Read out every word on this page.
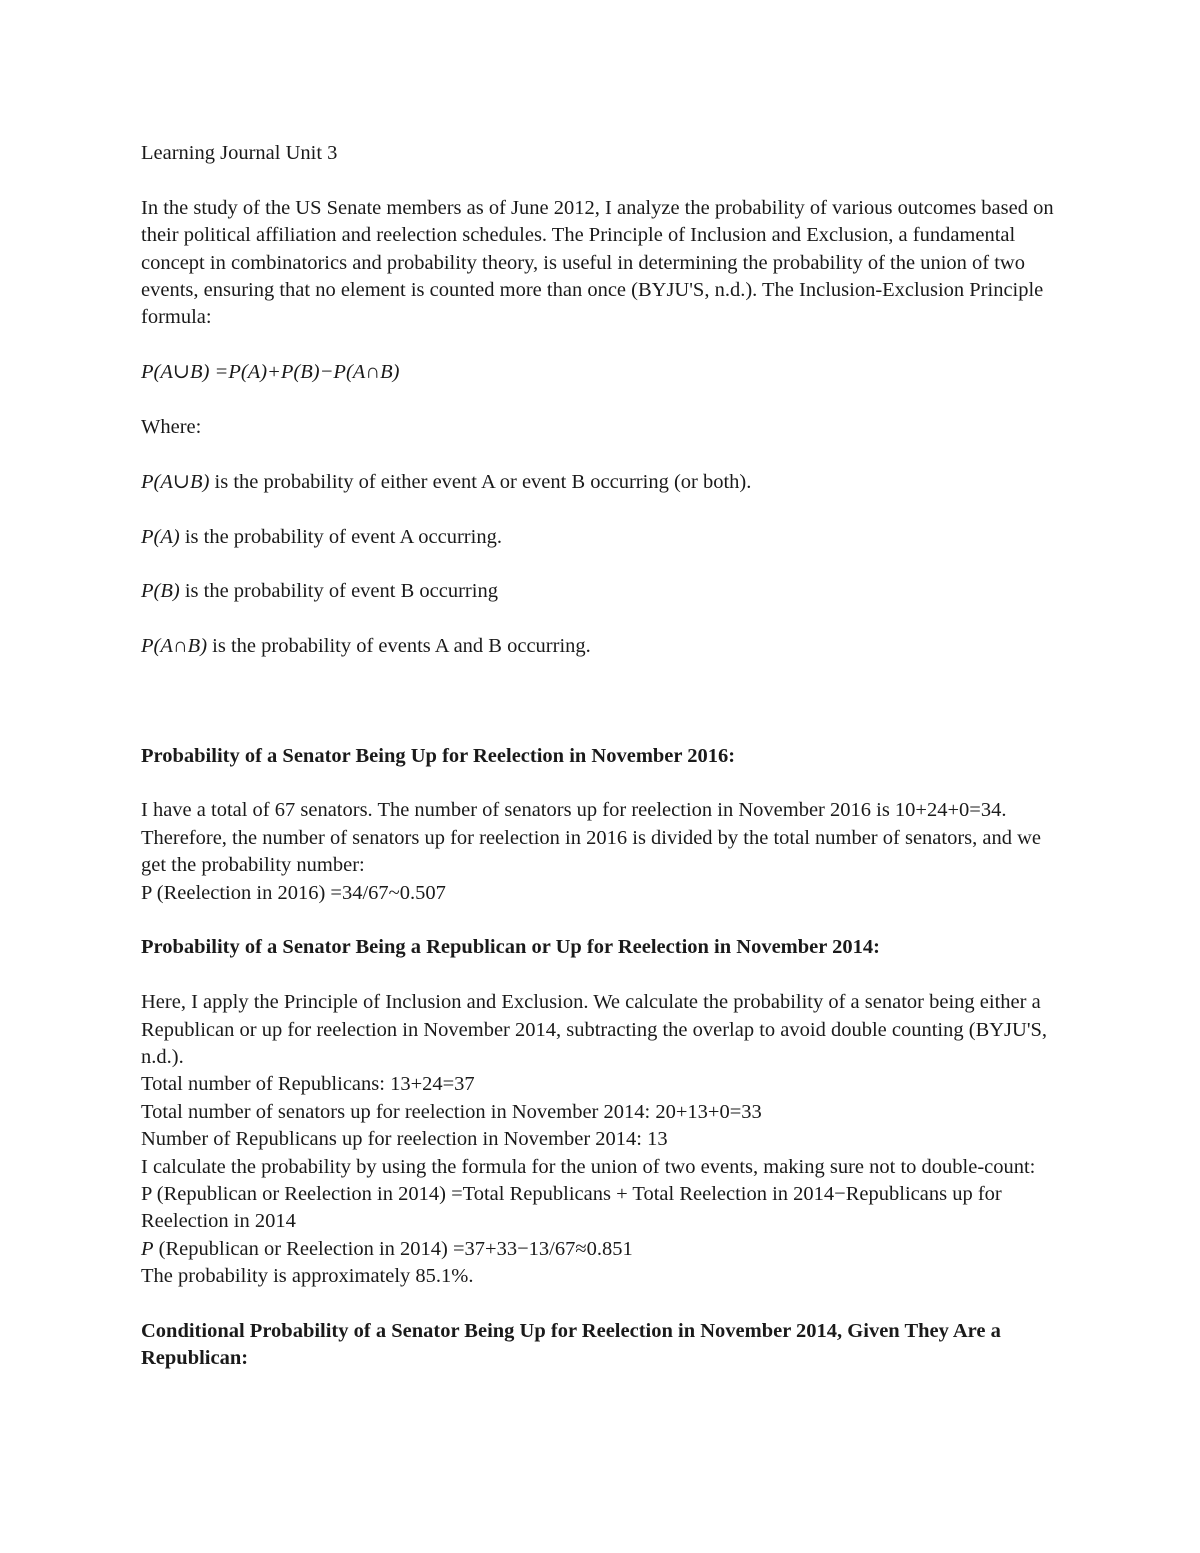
Learning Journal Unit 3

In the study of the US Senate members as of June 2012, I analyze the probability of various outcomes based on their political affiliation and reelection schedules. The Principle of Inclusion and Exclusion, a fundamental concept in combinatorics and probability theory, is useful in determining the probability of the union of two events, ensuring that no element is counted more than once (BYJU'S, n.d.). The Inclusion-Exclusion Principle formula:

P(A∪B) =P(A)+P(B)−P(A∩B)

Where:

P(A∪B) is the probability of either event A or event B occurring (or both).

P(A) is the probability of event A occurring.

P(B) is the probability of event B occurring

P(A∩B) is the probability of events A and B occurring.

Probability of a Senator Being Up for Reelection in November 2016:

I have a total of 67 senators. The number of senators up for reelection in November 2016 is 10+24+0=34. Therefore, the number of senators up for reelection in 2016 is divided by the total number of senators, and we get the probability number:

P (Reelection in 2016) =34/67~0.507

Probability of a Senator Being a Republican or Up for Reelection in November 2014:

Here, I apply the Principle of Inclusion and Exclusion. We calculate the probability of a senator being either a Republican or up for reelection in November 2014, subtracting the overlap to avoid double counting (BYJU'S, n.d.).

Total number of Republicans: 13+24=37

Total number of senators up for reelection in November 2014: 20+13+0=33

Number of Republicans up for reelection in November 2014: 13

I calculate the probability by using the formula for the union of two events, making sure not to double-count:

P (Republican or Reelection in 2014) =Total Republicans + Total Reelection in 2014−Republicans up for Reelection in 2014

P (Republican or Reelection in 2014) =37+33−13/67≈0.851

The probability is approximately 85.1%.

Conditional Probability of a Senator Being Up for Reelection in November 2014, Given They Are a Republican:
